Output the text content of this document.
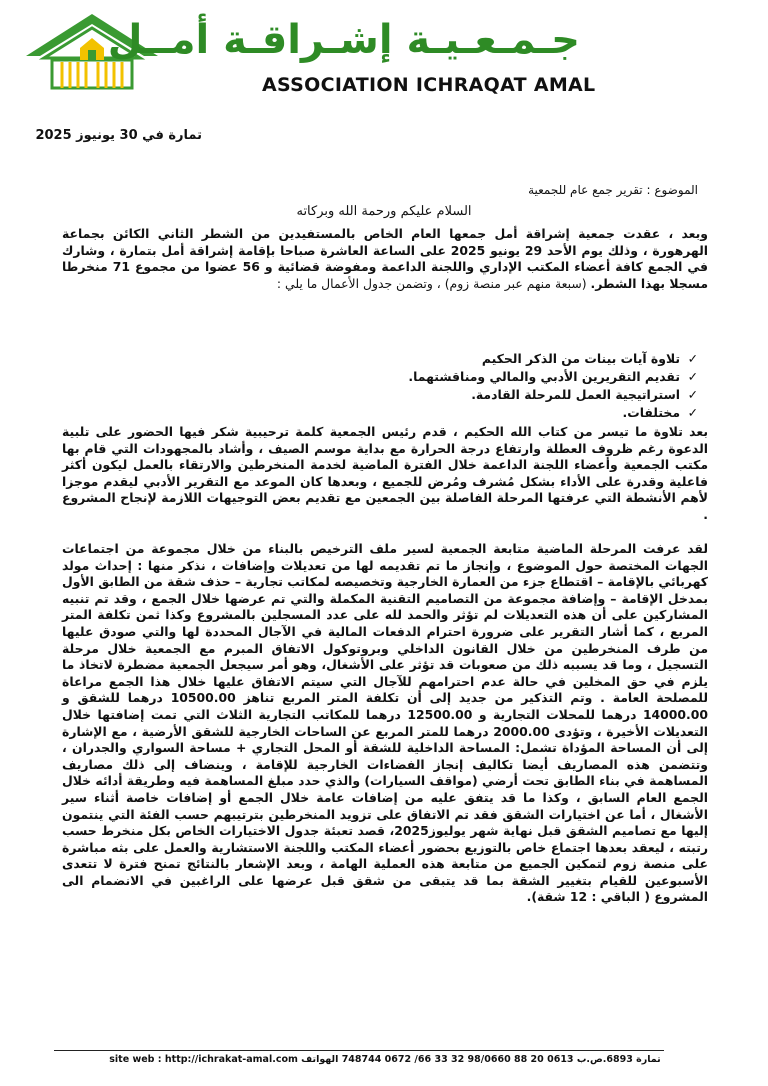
جـمـعـيـة إشـراقـة أمــل
ASSOCIATION ICHRAQAT AMAL
تمارة في 30 يونيوز 2025
الموضوع : تقرير جمع عام للجمعية
السلام عليكم ورحمة الله وبركاته
وبعد ، عقدت جمعية إشراقة أمل جمعها العام الخاص بالمستفيدين من الشطر الثاني الكائن بجماعة الهرهورة ، وذلك يوم الأحد 29 يونيو 2025 على الساعة العاشرة صباحا بإقامة إشراقة أمل بتمارة ، وشارك في الجمع كافة أعضاء المكتب الإداري واللجنة الداعمة ومفوضة قضائية و 56 عضوا من مجموع 71 منخرطا مسجلا بهذا الشطر. (سبعة منهم عبر منصة زوم) ، وتضمن جدول الأعمال ما يلي :
✓تلاوة آيات بينات من الذكر الحكيم
✓تقديم التقريرين الأدبي والمالي ومناقشتهما.
✓استراتيجية العمل للمرحلة القادمة.
✓مختلفات.
بعد تلاوة ما تيسر من كتاب الله الحكيم ، قدم رئيس الجمعية كلمة ترحيبية شكر فيها الحضور على تلبية الدعوة رغم ظروف العطلة وارتفاع درجة الحرارة مع بداية موسم الصيف ، وأشاد بالمجهودات التي قام بها مكتب الجمعية وأعضاء اللجنة الداعمة خلال الفترة الماضية لخدمة المنخرطين والارتقاء بالعمل ليكون أكثر فاعلية وقدرة على الأداء بشكل مُشرف ومُرض للجميع ، وبعدها كان الموعد مع التقرير الأدبي ليقدم موجزا لأهم الأنشطة التي عرفتها المرحلة الفاصلة بين الجمعين مع تقديم بعض التوجيهات اللازمة لإنجاح المشروع .
لقد عرفت المرحلة الماضية متابعة الجمعية لسير ملف الترخيص بالبناء من خلال مجموعة من اجتماعات الجهات المختصة حول الموضوع ، وإنجاز ما تم تقديمه لها من تعديلات وإضافات ، نذكر منها : إحداث مولد كهربائي بالإقامة – اقتطاع جزء من العمارة الخارجية وتخصيصه لمكاتب تجارية – حذف شقة من الطابق الأول بمدخل الإقامة – وإضافة مجموعة من التصاميم التقنية المكملة والتي تم عرضها خلال الجمع ، وقد تم تنبيه المشاركين على أن هذه التعديلات لم تؤثر والحمد لله على عدد المسجلين بالمشروع وكذا ثمن تكلفة المتر المربع ، كما أشار التقرير على ضرورة احترام الدفعات المالية في الآجال المحددة لها والتي صودق عليها من طرف المنخرطين من خلال القانون الداخلي وبروتوكول الاتفاق المبرم مع الجمعية خلال مرحلة التسجيل ، وما قد يسببه ذلك من صعوبات قد تؤثر على الأشغال، وهو أمر سيجعل الجمعية مضطرة لاتخاذ ما يلزم في حق المخلين في حالة عدم احترامهم للآجال التي سيتم الاتفاق عليها خلال هذا الجمع مراعاة للمصلحة العامة . وتم التذكير من جديد إلى أن تكلفة المتر المربع تناهز 10500.00 درهما للشقق و 14000.00 درهما للمحلات التجارية و 12500.00 درهما للمكاتب التجارية الثلاث التي تمت إضافتها خلال التعديلات الأخيرة ، وتؤدى 2000.00 درهما للمتر المربع عن الساحات الخارجية للشقق الأرضية ، مع الإشارة إلى أن المساحة المؤداة تشمل: المساحة الداخلية للشقة أو المحل التجاري + مساحة السواري والجدران ، وتتضمن هذه المصاريف أيضا تكاليف إنجاز الفضاءات الخارجية للإقامة ، وينضاف إلى ذلك مصاريف المساهمة في بناء الطابق تحت أرضي (مواقف السيارات) والذي حدد مبلغ المساهمة فيه وطريقة أدائه خلال الجمع العام السابق ، وكذا ما قد يتفق عليه من إضافات عامة خلال الجمع أو إضافات خاصة أثناء سير الأشغال ، أما عن اختيارات الشقق فقد تم الاتفاق على تزويد المنخرطين بترتيبهم حسب الفئة التي ينتمون إليها مع تصاميم الشقق قبل نهاية شهر يوليوز2025، قصد تعبئة جدول الاختيارات الخاص بكل منخرط حسب رتبته ، ليعقد بعدها اجتماع خاص بالتوزيع بحضور أعضاء المكتب واللجنة الاستشارية والعمل على بثه مباشرة على منصة زوم لتمكين الجميع من متابعة هذه العملية الهامة ، وبعد الإشعار بالنتائج تمنح فترة لا تتعدى الأسبوعين للقيام بتغيير الشقة بما قد يتبقى من شقق قبل عرضها على الراغبين في الانضمام الى المشروع ( الباقي : 12 شقة).
تمارة 6893.ص.ب 0613 20 88 98/0660 32 33 66/ 0672 748744 الهواتف site web : http://ichrakat-amal.com
